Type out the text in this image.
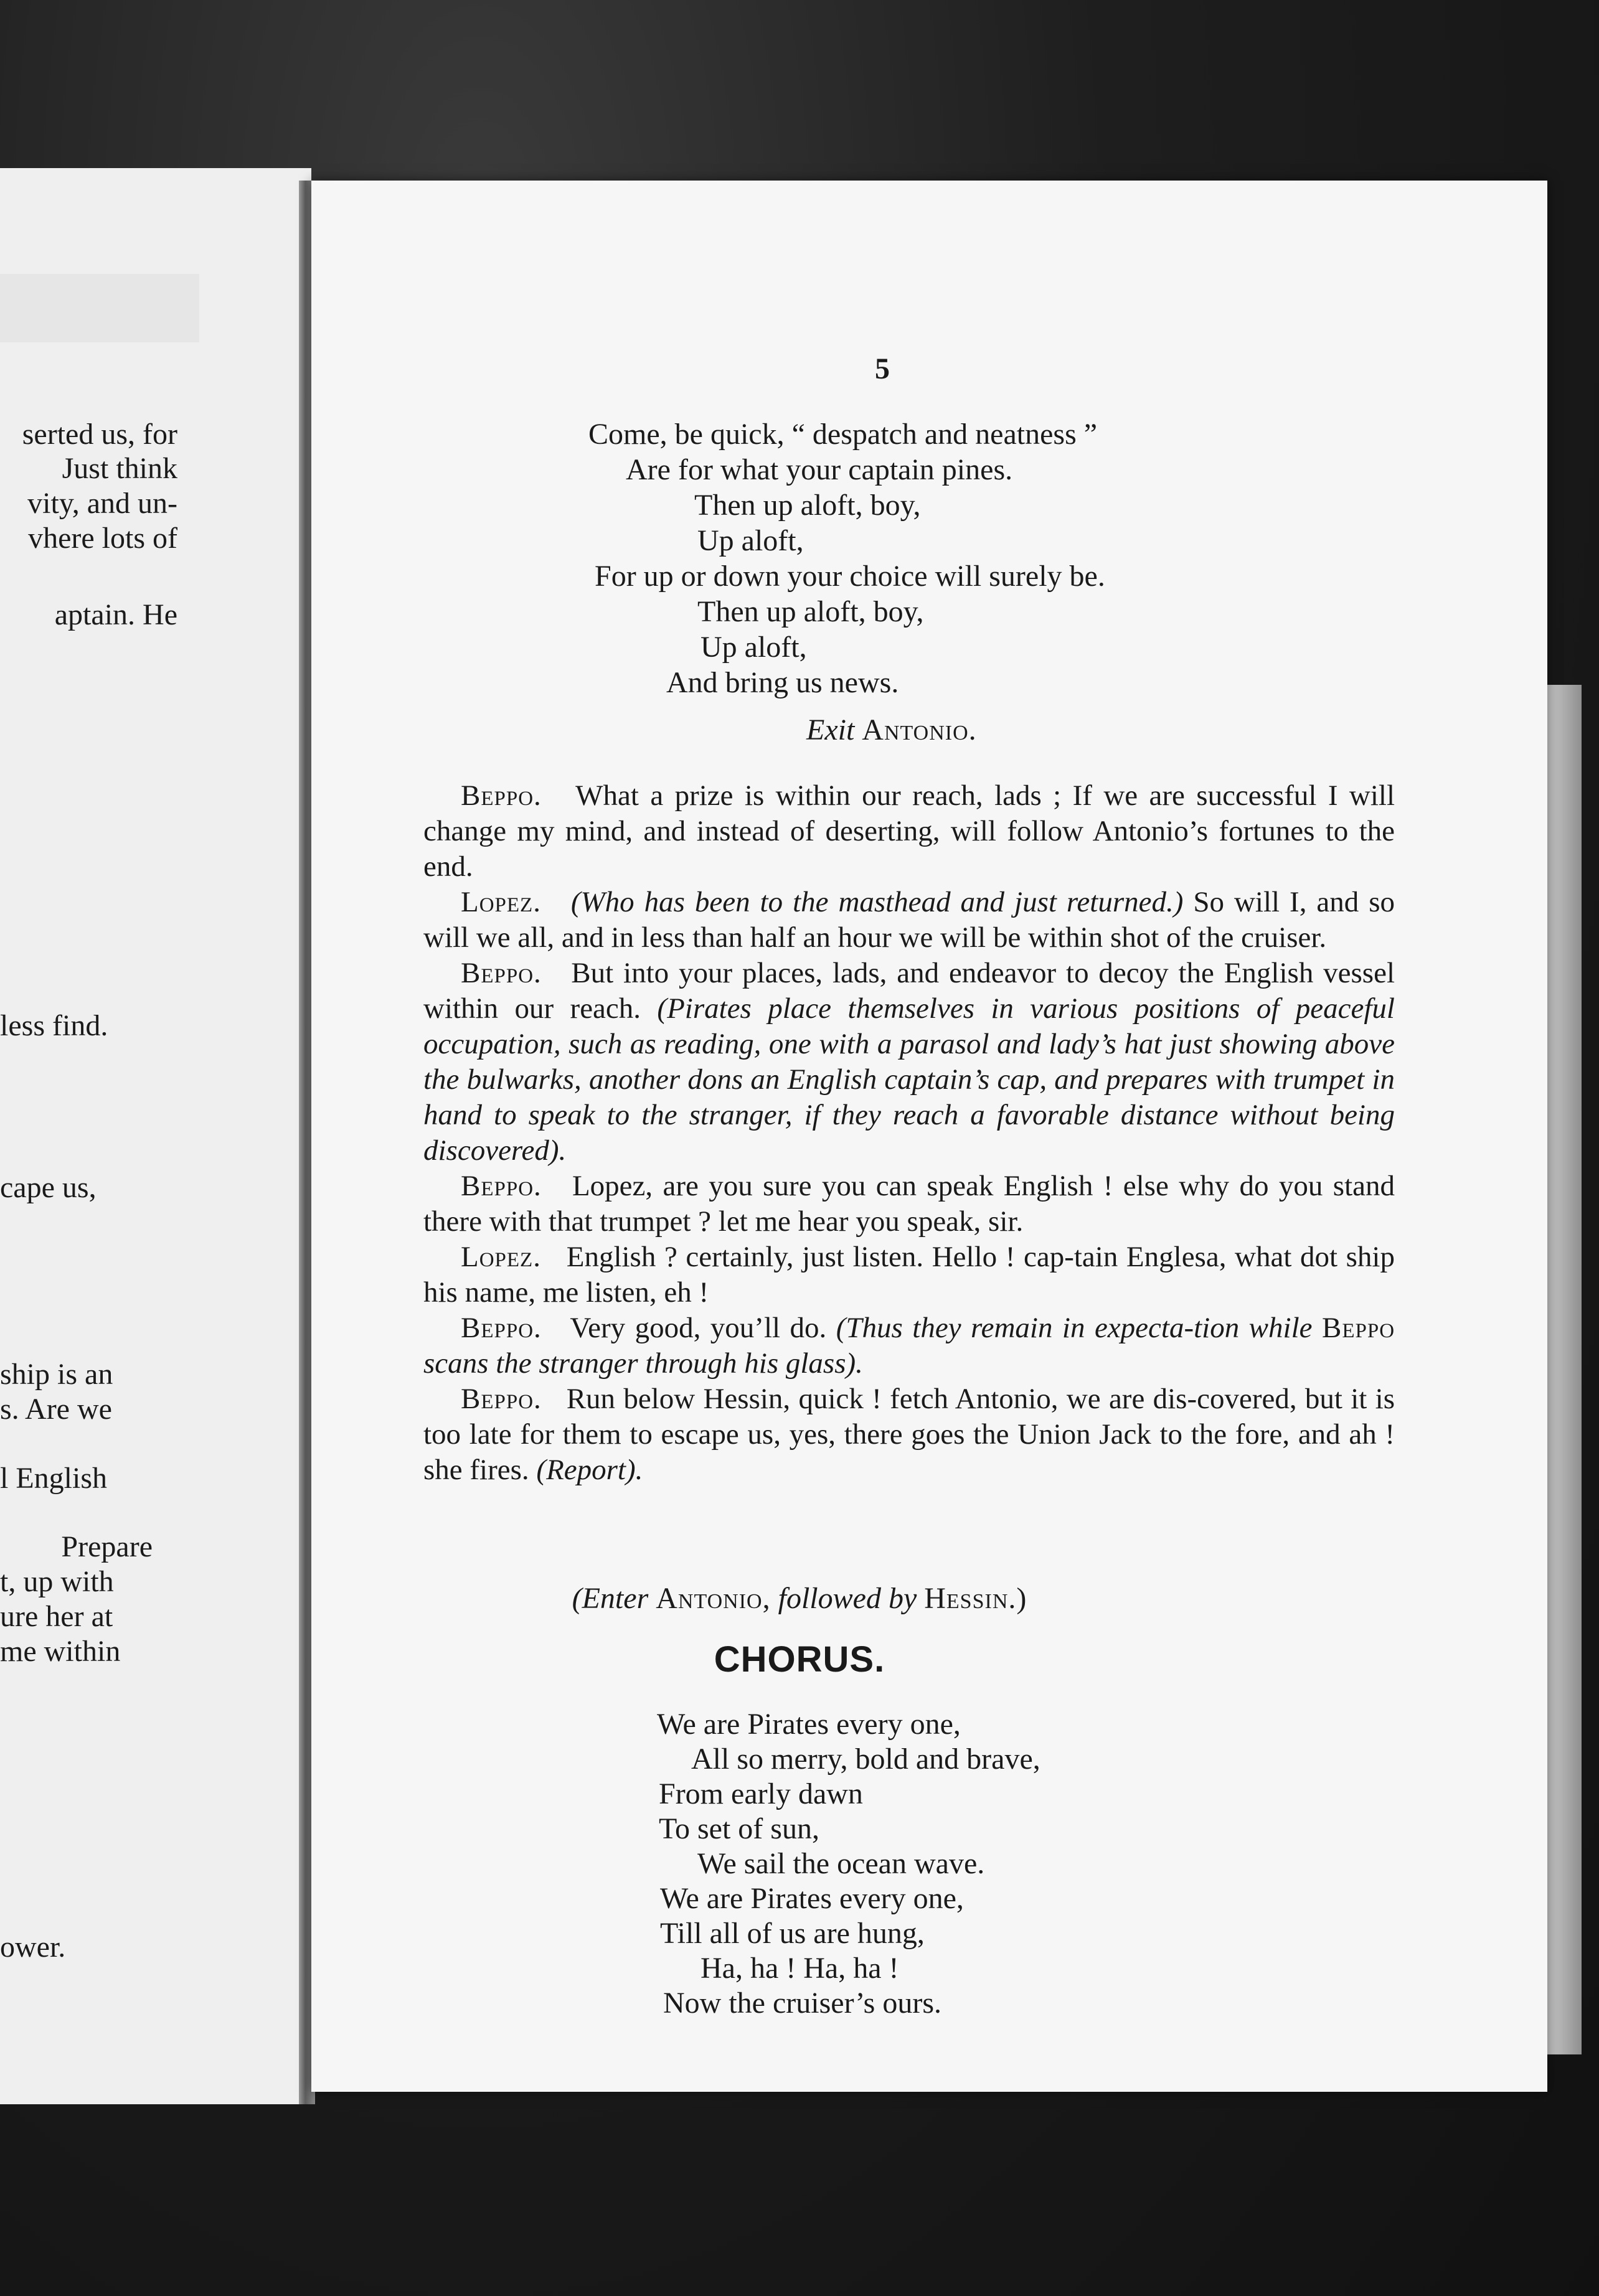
serted us, for
Just think
vity, and un-
vhere lots of
aptain. He
less find.
cape us,
ship is an
s. Are we
l English
Prepare
t, up with
ure her at
me within
ower.
5
Come, be quick, “ despatch and neatness ”
Are for what your captain pines.
Then up aloft, boy,
Up aloft,
For up or down your choice will surely be.
Then up aloft, boy,
Up aloft,
And bring us news.
Exit Antonio.

Beppo. What a prize is within our reach, lads ; If we are successful I will change my mind, and instead of deserting, will follow Antonio’s fortunes to the end.

Lopez. (Who has been to the masthead and just returned.) So will I, and so will we all, and in less than half an hour we will be within shot of the cruiser.

Beppo. But into your places, lads, and endeavor to decoy the English vessel within our reach. (Pirates place themselves in various positions of peaceful occupation, such as reading, one with a parasol and lady’s hat just showing above the bulwarks, another dons an English captain’s cap, and prepares with trumpet in hand to speak to the stranger, if they reach a favorable distance without being discovered).

Beppo. Lopez, are you sure you can speak English ! else why do you stand there with that trumpet ? let me hear you speak, sir.

Lopez. English ? certainly, just listen. Hello ! cap-tain Englesa, what dot ship his name, me listen, eh !

Beppo. Very good, you’ll do. (Thus they remain in expecta-tion while Beppo scans the stranger through his glass).

Beppo. Run below Hessin, quick ! fetch Antonio, we are dis-covered, but it is too late for them to escape us, yes, there goes the Union Jack to the fore, and ah ! she fires. (Report).

(Enter Antonio, followed by Hessin.)
CHORUS.
We are Pirates every one,
All so merry, bold and brave,
From early dawn
To set of sun,
We sail the ocean wave.
We are Pirates every one,
Till all of us are hung,
Ha, ha ! Ha, ha !
Now the cruiser’s ours.
